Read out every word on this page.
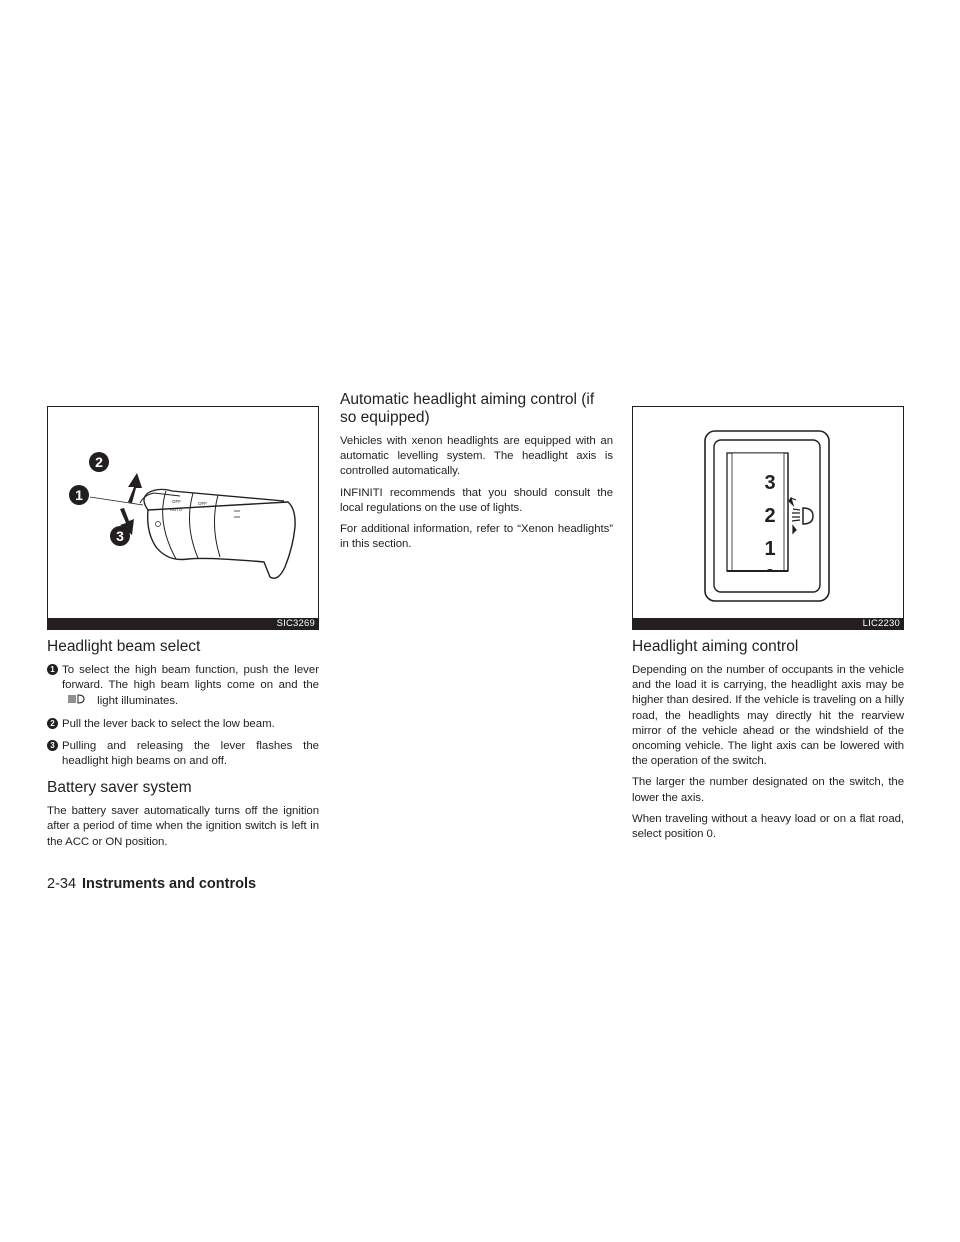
OFF
AUTO
OFF
2
1
3
SIC3269
Headlight beam select
1 To select the high beam function, push the lever forward. The high beam lights come on and the  light illuminates.
2 Pull the lever back to select the low beam.
3 Pulling and releasing the lever flashes the headlight high beams on and off.
Battery saver system

The battery saver automatically turns off the ignition after a period of time when the ignition switch is left in the ACC or ON position.

Automatic headlight aiming control (if so equipped)

Vehicles with xenon headlights are equipped with an automatic levelling system. The headlight axis is controlled automatically.

INFINITI recommends that you should consult the local regulations on the use of lights.

For additional information, refer to “Xenon headlights” in this section.

3
2
1
LIC2230
Headlight aiming control

Depending on the number of occupants in the vehicle and the load it is carrying, the headlight axis may be higher than desired. If the vehicle is traveling on a hilly road, the headlights may directly hit the rearview mirror of the vehicle ahead or the windshield of the oncoming vehicle. The light axis can be lowered with the operation of the switch.

The larger the number designated on the switch, the lower the axis.

When traveling without a heavy load or on a flat road, select position 0.

2-34 Instruments and controls
